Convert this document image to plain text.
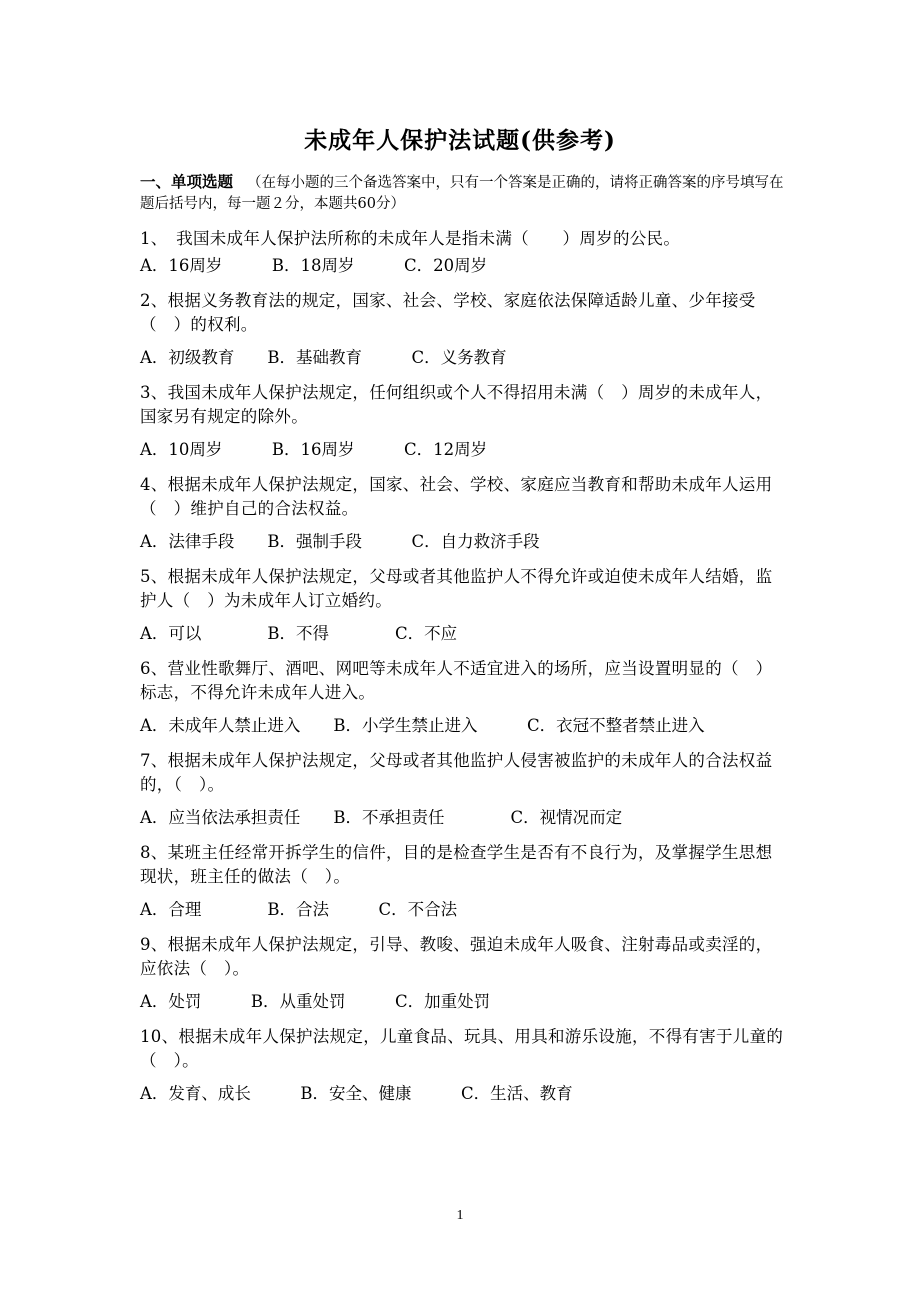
未成年人保护法试题(供参考)
一、单项选题 （在每小题的三个备选答案中，只有一个答案是正确的，请将正确答案的序号填写在题后括号内，每一题２分，本题共60分）

1、　我国未成年人保护法所称的未成年人是指未满（　　）周岁的公民。

A．16周岁　　　B．18周岁　　　C．20周岁

2、根据义务教育法的规定，国家、社会、学校、家庭依法保障适龄儿童、少年接受（　）的权利。

A．初级教育　　B．基础教育　　　C．义务教育

3、我国未成年人保护法规定，任何组织或个人不得招用未满（　）周岁的未成年人，国家另有规定的除外。

A．10周岁　　　B．16周岁　　　C．12周岁

4、根据未成年人保护法规定，国家、社会、学校、家庭应当教育和帮助未成年人运用（　）维护自己的合法权益。

A．法律手段　　B．强制手段　　　C．自力救济手段

5、根据未成年人保护法规定，父母或者其他监护人不得允许或迫使未成年人结婚，监护人（　）为未成年人订立婚约。

A．可以　　　　B．不得　　　　C．不应

6、营业性歌舞厅、酒吧、网吧等未成年人不适宜进入的场所，应当设置明显的（　）标志，不得允许未成年人进入。

A．未成年人禁止进入　　B．小学生禁止进入　　　C．衣冠不整者禁止进入

7、根据未成年人保护法规定，父母或者其他监护人侵害被监护的未成年人的合法权益的，（　）。

A．应当依法承担责任　　B．不承担责任　　　　C．视情况而定

8、某班主任经常开拆学生的信件，目的是检查学生是否有不良行为，及掌握学生思想现状，班主任的做法（　）。

A．合理　　　　B．合法　　　C．不合法

9、根据未成年人保护法规定，引导、教唆、强迫未成年人吸食、注射毒品或卖淫的，应依法（　）。

A．处罚　　　B．从重处罚　　　C．加重处罚

10、根据未成年人保护法规定，儿童食品、玩具、用具和游乐设施，不得有害于儿童的（　）。

A．发育、成长　　　B．安全、健康　　　C．生活、教育

1
